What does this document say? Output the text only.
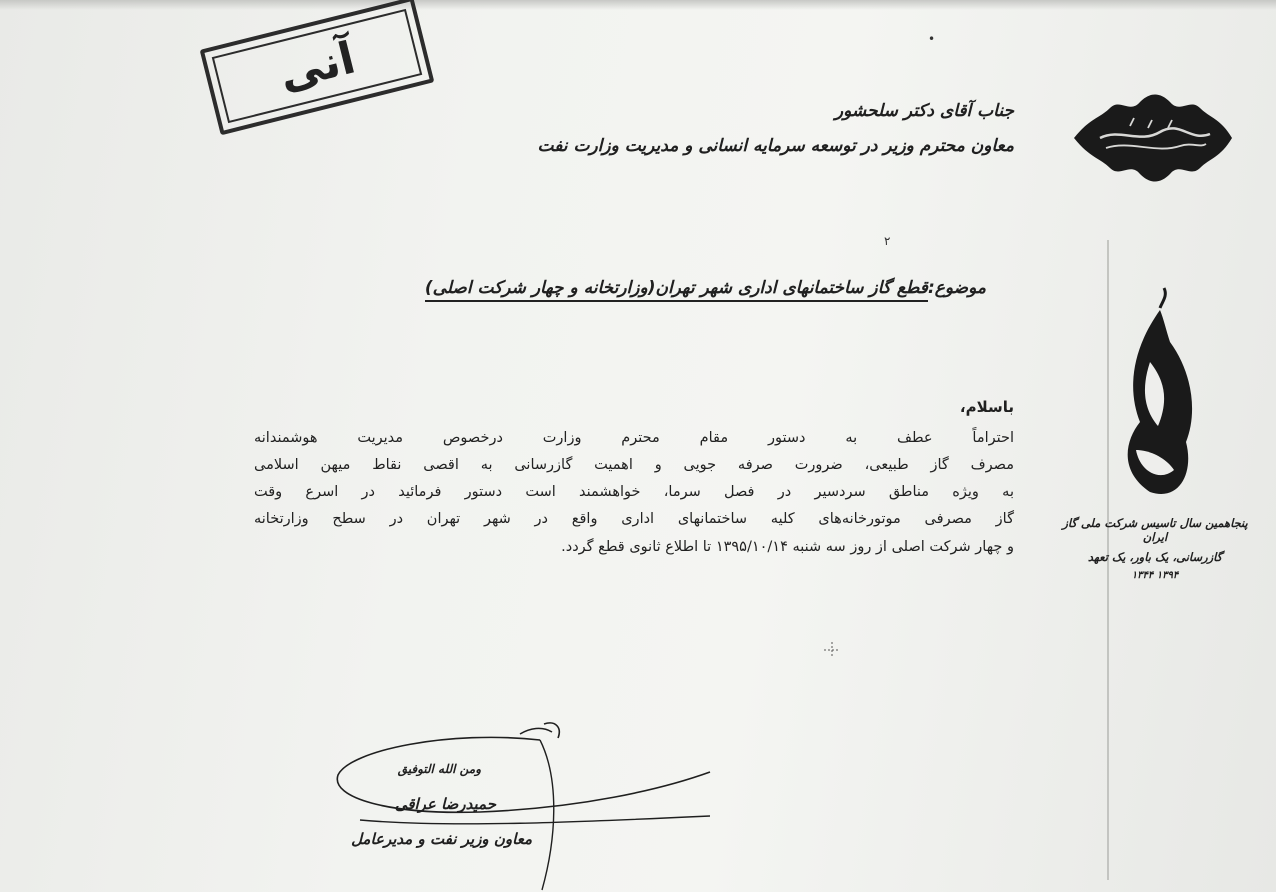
آنی	•
۲
جناب آقای دکتر سلحشور
معاون محترم وزیر در توسعه سرمایه انسانی و مدیریت وزارت نفت
موضوع:قطع گاز ساختمانهای اداری شهر تهران(وزارتخانه و چهار شرکت اصلی)
باسلام،
احتراماً عطف به دستور مقام محترم وزارت درخصوص مدیریت هوشمندانه
مصرف گاز طبیعی، ضرورت صرفه جویی و اهمیت گازرسانی به اقصی نقاط میهن اسلامی
به ویژه مناطق سردسیر در فصل سرما، خواهشمند است دستور فرمائید در اسرع وقت
گاز مصرفی موتورخانه‌های کلیه ساختمانهای اداری واقع در شهر تهران در سطح وزارتخانه
و چهار شرکت اصلی از روز سه شنبه ۱۳۹۵/۱۰/۱۴ تا اطلاع ثانوی قطع گردد.
ومن الله التوفیق
حمیدرضا عراقی
معاون وزیر نفت و مدیرعامل
پنجاهمین سال تاسیس شرکت ملی گاز ایران
گازرسانی، یک باور، یک تعهد
۱۳۹۴ ۱۳۴۴
